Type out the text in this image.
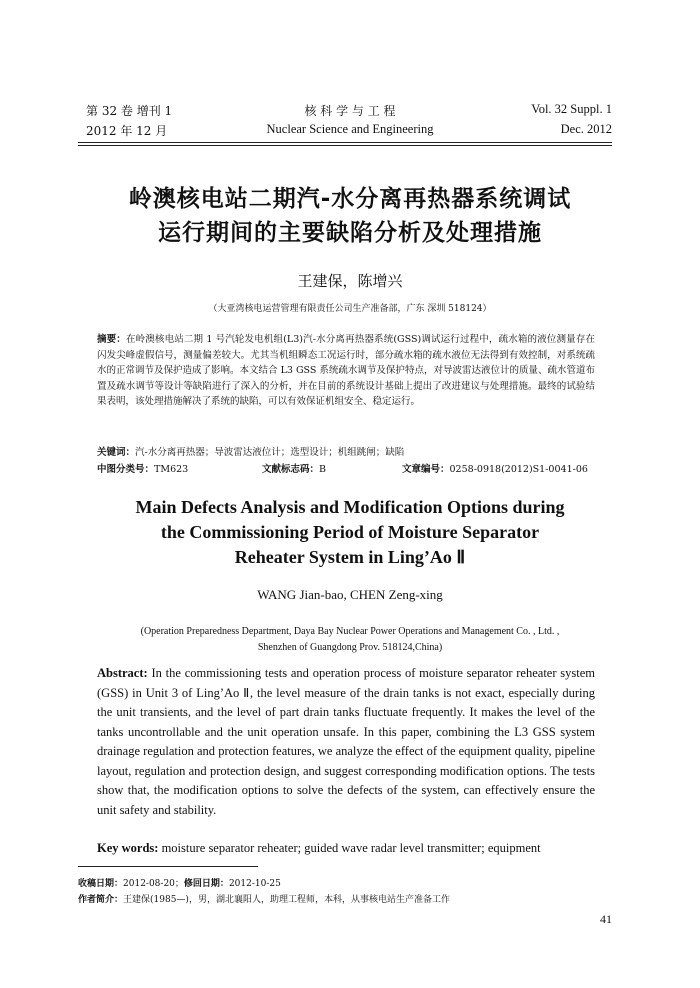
第 32 卷 增刊 1
2012 年 12 月
核 科 学 与 工 程
Nuclear Science and Engineering
Vol. 32 Suppl. 1
Dec. 2012
岭澳核电站二期汽-水分离再热器系统调试
运行期间的主要缺陷分析及处理措施
王建保，陈增兴
（大亚湾核电运营管理有限责任公司生产准备部，广东 深圳 518124）
摘要：在岭澳核电站二期 1 号汽轮发电机组(L3)汽-水分离再热器系统(GSS)调试运行过程中，疏水箱的液位测量存在闪发尖峰虚假信号，测量偏差较大。尤其当机组瞬态工况运行时，部分疏水箱的疏水液位无法得到有效控制，对系统疏水的正常调节及保护造成了影响。本文结合 L3 GSS 系统疏水调节及保护特点，对导波雷达液位计的质量、疏水管道布置及疏水调节等设计等缺陷进行了深入的分析，并在目前的系统设计基础上提出了改进建议与处理措施。最终的试验结果表明，该处理措施解决了系统的缺陷，可以有效保证机组安全、稳定运行。
关键词：汽-水分离再热器；导波雷达液位计；选型设计；机组跳闸；缺陷
中图分类号：TM623	文献标志码：B	文章编号：0258-0918(2012)S1-0041-06
Main Defects Analysis and Modification Options during
the Commissioning Period of Moisture Separator
Reheater System in Ling’Ao Ⅱ
WANG Jian-bao, CHEN Zeng-xing
(Operation Preparedness Department, Daya Bay Nuclear Power Operations and Management Co. , Ltd. ,
Shenzhen of Guangdong Prov. 518124,China)
Abstract: In the commissioning tests and operation process of moisture separator reheater system (GSS) in Unit 3 of Ling’Ao Ⅱ, the level measure of the drain tanks is not exact, especially during the unit transients, and the level of part drain tanks fluctuate frequently. It makes the level of the tanks uncontrollable and the unit operation unsafe. In this paper, combining the L3 GSS system drainage regulation and protection features, we analyze the effect of the equipment quality, pipeline layout, regulation and protection design, and suggest corresponding modification options. The tests show that, the modification options to solve the defects of the system, can effectively ensure the unit safety and stability.
Key words: moisture separator reheater; guided wave radar level transmitter; equipment
收稿日期：2012-08-20；修回日期：2012-10-25
作者简介：王建保(1985—)，男，湖北襄阳人，助理工程师，本科，从事核电站生产准备工作
41
